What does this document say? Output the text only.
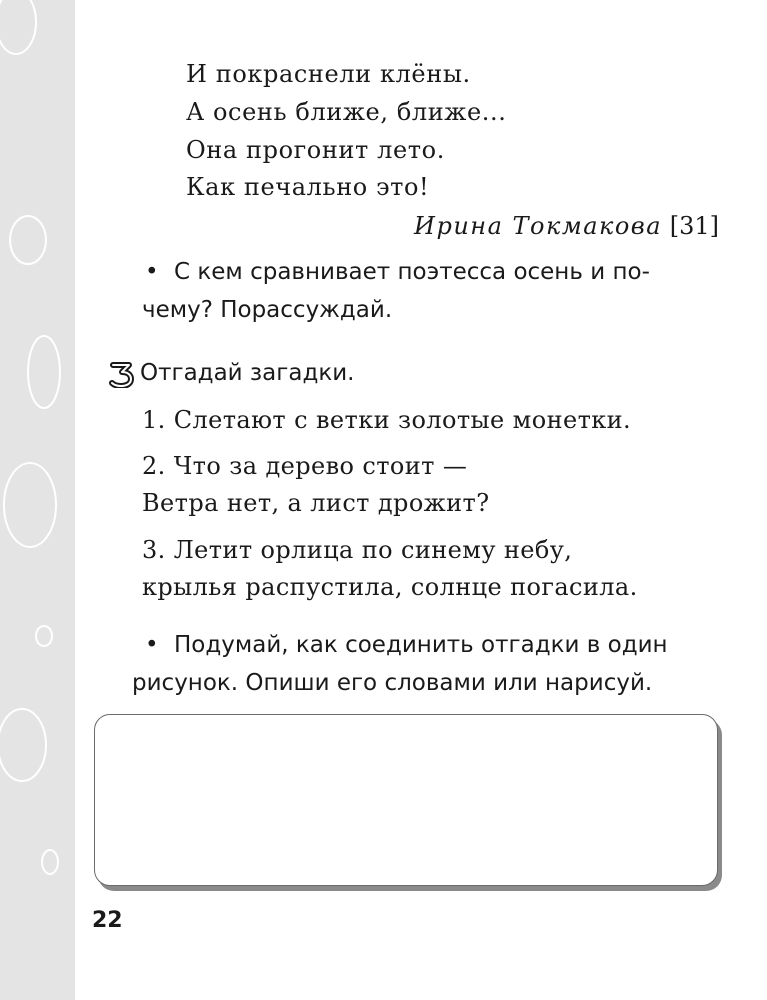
И покраснели клёны.
А осень ближе, ближе...
Она прогонит лето.
Как печально это!
Ирина Токмакова [31]
• С кем сравнивает поэтесса осень и по-
чему? Порассуждай.
Отгадай загадки.
1. Слетают с ветки золотые монетки.
2. Что за дерево стоит —
Ветра нет, а лист дрожит?
3. Летит орлица по синему небу,
крылья распустила, солнце погасила.
• Подумай, как соединить отгадки в один
рисунок. Опиши его словами или нарисуй.
22
